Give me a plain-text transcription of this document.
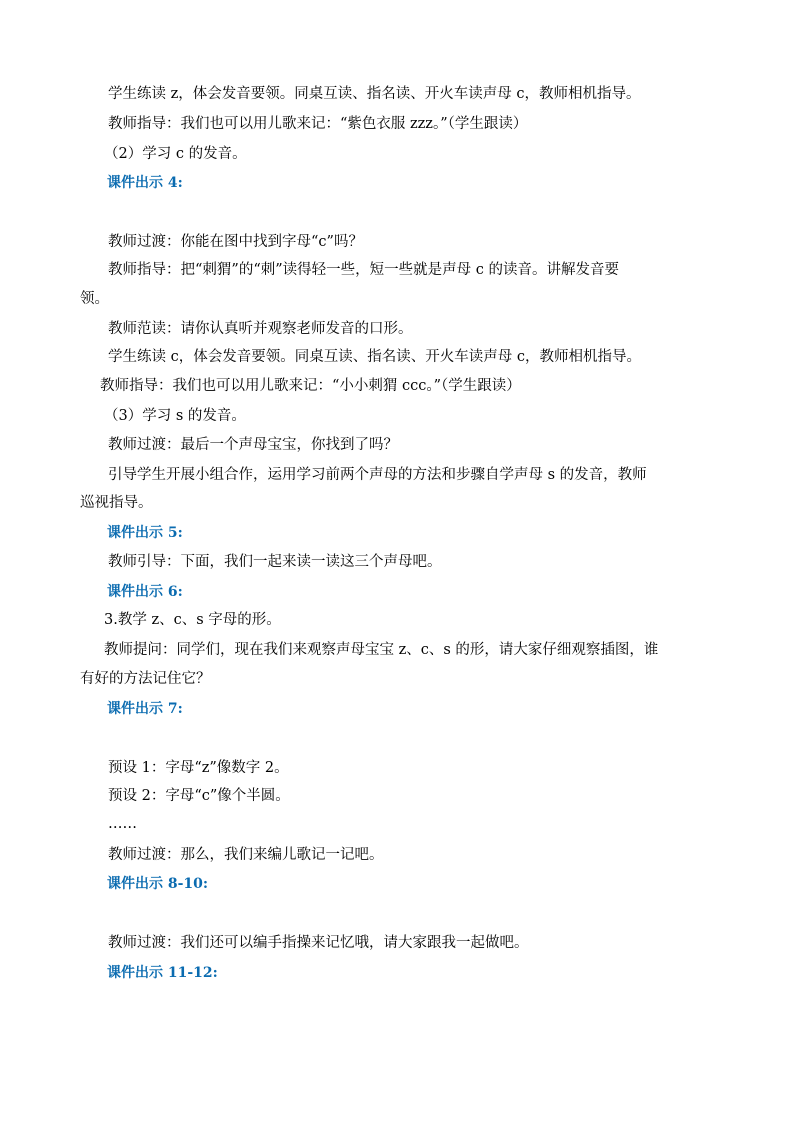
学生练读 z，体会发音要领。同桌互读、指名读、开火车读声母 c，教师相机指导。
教师指导：我们也可以用儿歌来记：“紫色衣服 zzz。”（学生跟读）
（2）学习 c 的发音。
课件出示 4:
教师过渡：你能在图中找到字母“c”吗？
教师指导：把“刺猬”的“刺”读得轻一些，短一些就是声母 c 的读音。讲解发音要
领。
教师范读：请你认真听并观察老师发音的口形。
学生练读 c，体会发音要领。同桌互读、指名读、开火车读声母 c，教师相机指导。
教师指导：我们也可以用儿歌来记：“小小刺猬 ccc。”（学生跟读）
（3）学习 s 的发音。
教师过渡：最后一个声母宝宝，你找到了吗？
引导学生开展小组合作，运用学习前两个声母的方法和步骤自学声母 s 的发音，教师
巡视指导。
课件出示 5:
教师引导：下面，我们一起来读一读这三个声母吧。
课件出示 6:
3.教学 z、c、s 字母的形。
教师提问：同学们，现在我们来观察声母宝宝 z、c、s 的形，请大家仔细观察插图，谁
有好的方法记住它？
课件出示 7:
预设 1：字母“z”像数字 2。
预设 2：字母“c”像个半圆。
……
教师过渡：那么，我们来编儿歌记一记吧。
课件出示 8-10:
教师过渡：我们还可以编手指操来记忆哦，请大家跟我一起做吧。
课件出示 11-12:
